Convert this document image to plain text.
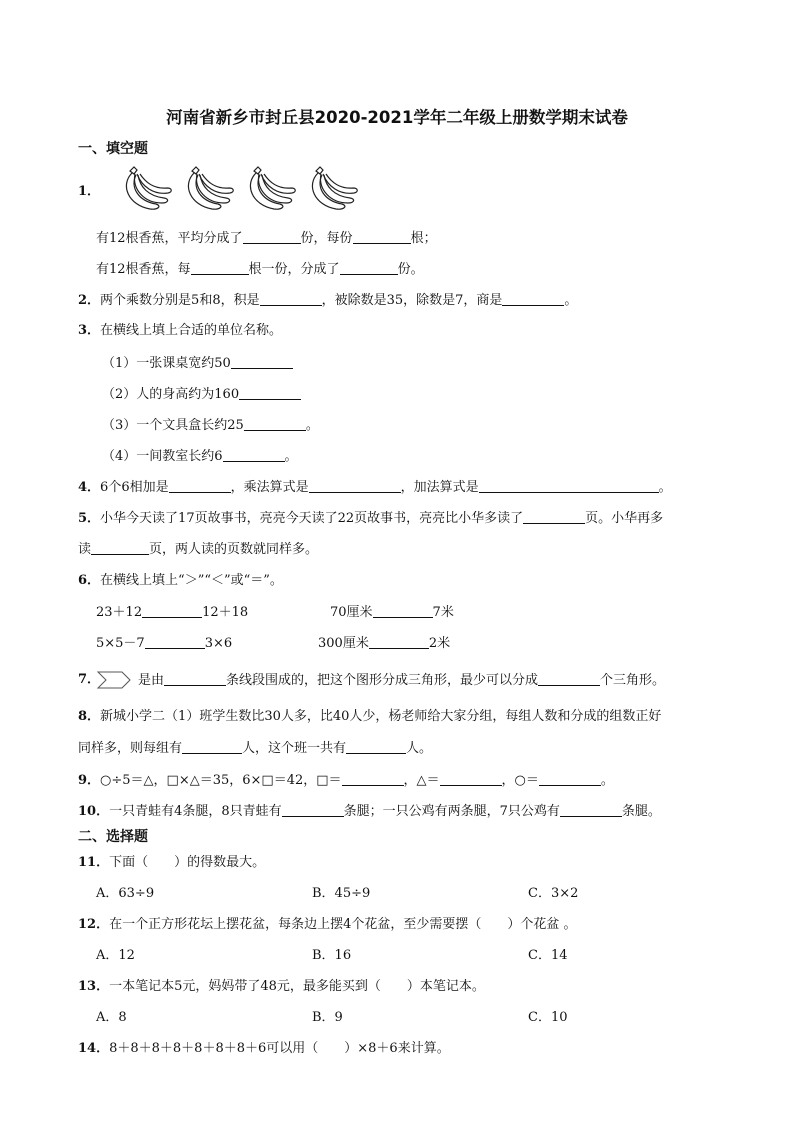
河南省新乡市封丘县2020-2021学年二年级上册数学期末试卷
一、填空题
1．
有12根香蕉，平均分成了	份，每份	根；
有12根香蕉，每	根一份，分成了	份。
2．两个乘数分别是5和8，积是	，被除数是35，除数是7，商是	。
3．在横线上填上合适的单位名称。
（1）一张课桌宽约50
（2）人的身高约为160
（3）一个文具盒长约25	。
（4）一间教室长约6	。
4．6个6相加是	，乘法算式是	，加法算式是	。
5．小华今天读了17页故事书，亮亮今天读了22页故事书，亮亮比小华多读了	页。小华再多
读	页，两人读的页数就同样多。
6．在横线上填上“＞”“＜”或“＝”。
23＋12	12＋18	70厘米	7米
5×5－7	3×6	300厘米	2米
7．	是由	条线段围成的，把这个图形分成三角形，最少可以分成	个三角形。
8．新城小学二（1）班学生数比30人多，比40人少，杨老师给大家分组，每组人数和分成的组数正好
同样多，则每组有	人，这个班一共有	人。
9．○÷5＝△，□×△＝35，6×□＝42，□＝	，△＝	，○＝	。
10．一只青蛙有4条腿，8只青蛙有	条腿；一只公鸡有两条腿，7只公鸡有	条腿。
二、选择题
11．下面（　　）的得数最大。
A．63÷9	B．45÷9	C．3×2
12．在一个正方形花坛上摆花盆，每条边上摆4个花盆，至少需要摆（　　）个花盆 。
A．12	B．16	C．14
13．一本笔记本5元，妈妈带了48元，最多能买到（　　）本笔记本。
A．8	B．9	C．10
14．8＋8＋8＋8＋8＋8＋8＋6可以用（　　）×8＋6来计算。
